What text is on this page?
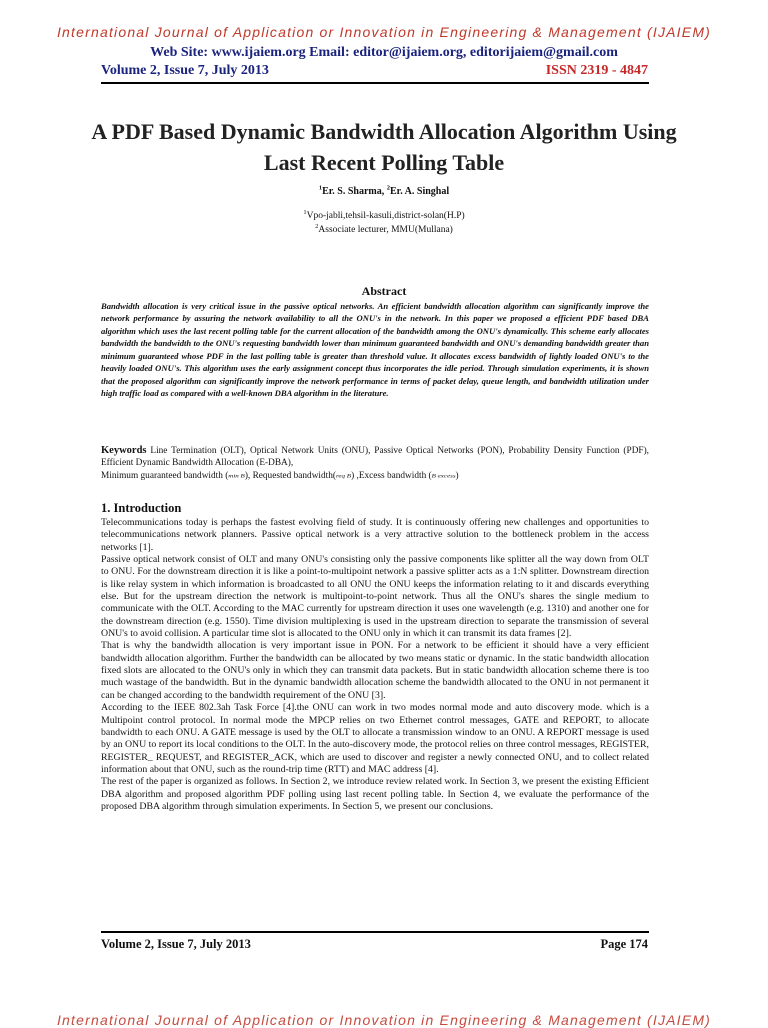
International Journal of Application or Innovation in Engineering & Management (IJAIEM)
Web Site: www.ijaiem.org Email: editor@ijaiem.org, editorijaiem@gmail.com
Volume 2, Issue 7, July 2013	ISSN 2319 - 4847
A PDF Based Dynamic Bandwidth Allocation Algorithm Using Last Recent Polling Table
$^1$Er. S. Sharma, $^2$Er. A. Singhal
$^1$Vpo-jabli,tehsil-kasuli,district-solan(H.P)
$^2$Associate lecturer, MMU(Mullana)
Abstract
Bandwidth allocation is very critical issue in the passive optical networks. An efficient bandwidth allocation algorithm can significantly improve the network performance by assuring the network availability to all the ONU's in the network. In this paper we proposed a efficient PDF based DBA algorithm which uses the last recent polling table for the current allocation of the bandwidth among the ONU's dynamically. This scheme early allocates bandwidth the bandwidth to the ONU's requesting bandwidth lower than minimum guaranteed bandwidth and ONU's demanding bandwidth greater than minimum guaranteed whose PDF in the last polling table is greater than threshold value. It allocates excess bandwidth of lightly loaded ONU's to the heavily loaded ONU's. This algorithm uses the early assignment concept thus incorporates the idle period. Through simulation experiments, it is shown that the proposed algorithm can significantly improve the network performance in terms of packet delay, queue length, and bandwidth utilization under high traffic load as compared with a well-known DBA algorithm in the literature.
Keywords Line Termination (OLT), Optical Network Units (ONU), Passive Optical Networks (PON), Probability Density Function (PDF), Efficient Dynamic Bandwidth Allocation (E-DBA),
Minimum guaranteed bandwidth (min B), Requested bandwidth(req B) ,Excess bandwidth (B excess)
1. Introduction

Telecommunications today is perhaps the fastest evolving field of study. It is continuously offering new challenges and opportunities to telecommunications network planners. Passive optical network is a very attractive solution to the bottleneck problem in the access networks [1].

Passive optical network consist of OLT and many ONU's consisting only the passive components like splitter all the way down from OLT to ONU. For the downstream direction it is like a point-to-multipoint network a passive splitter acts as a 1:N splitter. Downstream direction is like relay system in which information is broadcasted to all ONU the ONU keeps the information relating to it and discards everything else. But for the upstream direction the network is multipoint-to-point network. Thus all the ONU's shares the single medium to communicate with the OLT. According to the MAC currently for upstream direction it uses one wavelength (e.g. 1310) and another one for the downstream direction (e.g. 1550). Time division multiplexing is used in the upstream direction to separate the transmission of several ONU's to avoid collision. A particular time slot is allocated to the ONU only in which it can transmit its data frames [2].

That is why the bandwidth allocation is very important issue in PON. For a network to be efficient it should have a very efficient bandwidth allocation algorithm. Further the bandwidth can be allocated by two means static or dynamic. In the static bandwidth allocation fixed slots are allocated to the ONU's only in which they can transmit data packets. But in static bandwidth allocation scheme there is too much wastage of the bandwidth. But in the dynamic bandwidth allocation scheme the bandwidth allocated to the ONU in not permanent it can be changed according to the bandwidth requirement of the ONU [3].

According to the IEEE 802.3ah Task Force [4].the ONU can work in two modes normal mode and auto discovery mode. which is a Multipoint control protocol. In normal mode the MPCP relies on two Ethernet control messages, GATE and REPORT, to allocate bandwidth to each ONU. A GATE message is used by the OLT to allocate a transmission window to an ONU. A REPORT message is used by an ONU to report its local conditions to the OLT. In the auto-discovery mode, the protocol relies on three control messages, REGISTER, REGISTER_ REQUEST, and REGISTER_ACK, which are used to discover and register a newly connected ONU, and to collect related information about that ONU, such as the round-trip time (RTT) and MAC address [4].

The rest of the paper is organized as follows. In Section 2, we introduce review related work. In Section 3, we present the existing Efficient DBA algorithm and proposed algorithm PDF polling using last recent polling table. In Section 4, we evaluate the performance of the proposed DBA algorithm through simulation experiments. In Section 5, we present our conclusions.

Volume 2, Issue 7, July 2013	Page 174
International Journal of Application or Innovation in Engineering & Management (IJAIEM)
